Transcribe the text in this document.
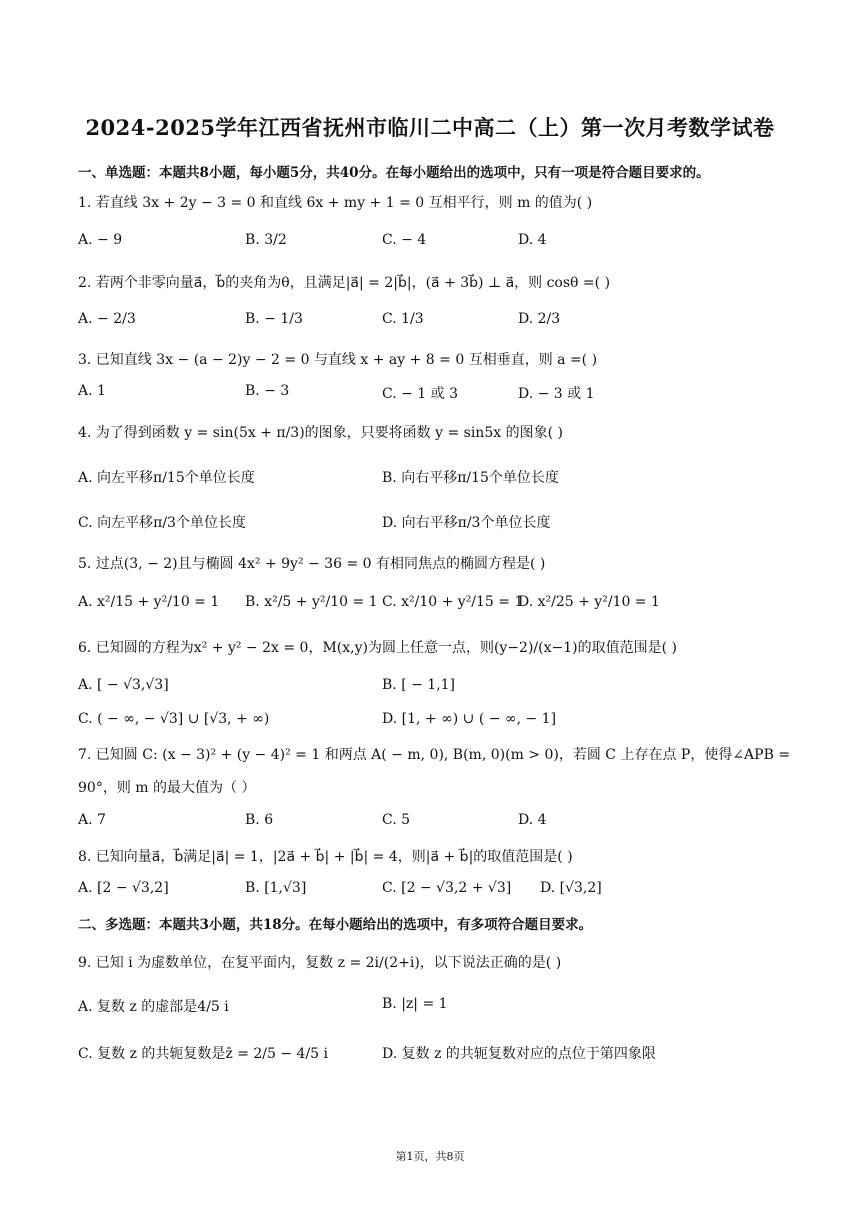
2024-2025学年江西省抚州市临川二中高二（上）第一次月考数学试卷
一、单选题：本题共8小题，每小题5分，共40分。在每小题给出的选项中，只有一项是符合题目要求的。
1. 若直线 3x + 2y − 3 = 0 和直线 6x + my + 1 = 0 互相平行，则 m 的值为( )
A. − 9	B. 3/2	C. − 4	D. 4
2. 若两个非零向量a⃗，b⃗的夹角为θ，且满足|a⃗| = 2|b⃗|，(a⃗ + 3b⃗) ⊥ a⃗，则 cosθ =( )
A. − 2/3	B. − 1/3	C. 1/3	D. 2/3
3. 已知直线 3x − (a − 2)y − 2 = 0 与直线 x + ay + 8 = 0 互相垂直，则 a =( )
A. 1	B. − 3	C. − 1 或 3	D. − 3 或 1
4. 为了得到函数 y = sin(5x + π/3)的图象，只要将函数 y = sin5x 的图象( )
A. 向左平移π/15个单位长度	B. 向右平移π/15个单位长度
C. 向左平移π/3个单位长度	D. 向右平移π/3个单位长度
5. 过点(3, − 2)且与椭圆 4x² + 9y² − 36 = 0 有相同焦点的椭圆方程是( )
A. x²/15 + y²/10 = 1 B. x²/5 + y²/10 = 1 C. x²/10 + y²/15 = 1
D. x²/25 + y²/10 = 1
6. 已知圆的方程为x² + y² − 2x = 0，M(x,y)为圆上任意一点，则(y−2)/(x−1)的取值范围是( )
A. [ − √3,√3]	B. [ − 1,1]
C. ( − ∞, − √3] ∪ [√3, + ∞)	D. [1, + ∞) ∪ ( − ∞, − 1]
7. 已知圆 C: (x − 3)² + (y − 4)² = 1 和两点 A( − m, 0), B(m, 0)(m > 0)，若圆 C 上存在点 P，使得∠APB =
90°，则 m 的最大值为（ ）
A. 7	B. 6	C. 5	D. 4
8. 已知向量a⃗，b⃗满足|a⃗| = 1，|2a⃗ + b⃗| + |b⃗| = 4，则|a⃗ + b⃗|的取值范围是( )
A. [2 − √3,2]	B. [1,√3]	C. [2 − √3,2 + √3] D. [√3,2]
二、多选题：本题共3小题，共18分。在每小题给出的选项中，有多项符合题目要求。
9. 已知 i 为虚数单位，在复平面内，复数 z = 2i/(2+i)，以下说法正确的是( )
A. 复数 z 的虚部是4/5 i	B. |z| = 1
C. 复数 z 的共轭复数是z̄ = 2/5 − 4/5 i	D. 复数 z 的共轭复数对应的点位于第四象限
第1页，共8页
